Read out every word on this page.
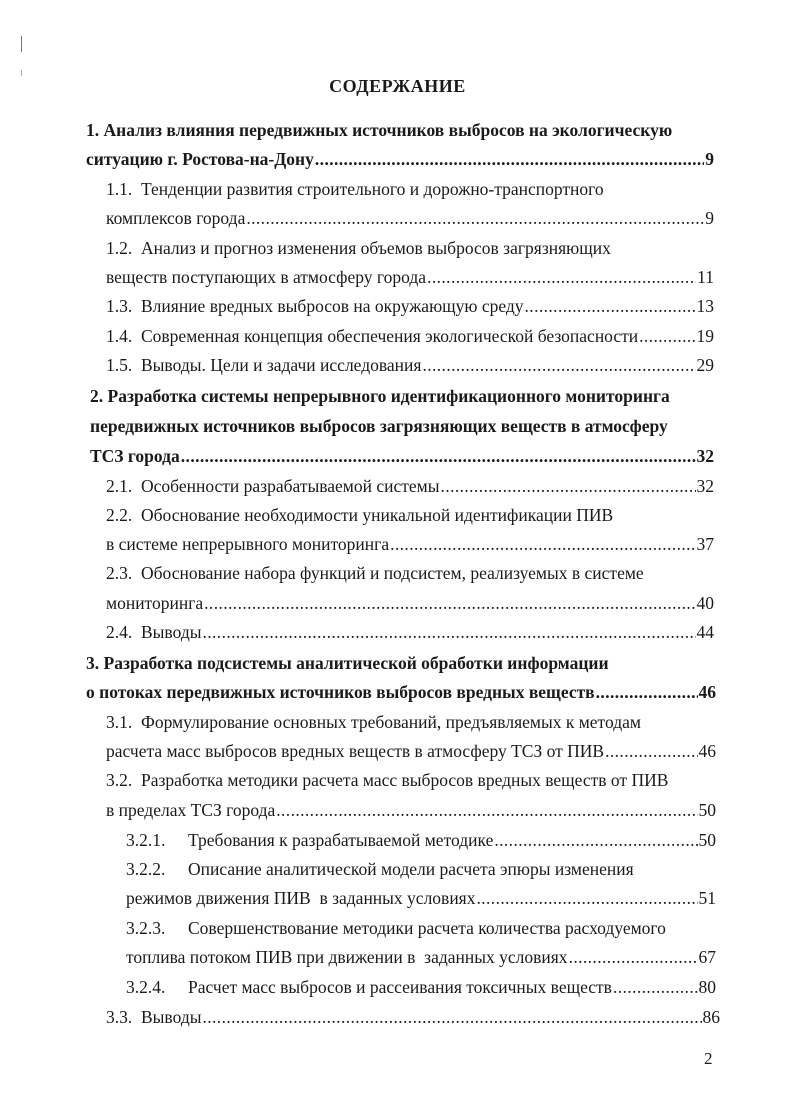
СОДЕРЖАНИЕ
1. Анализ влияния передвижных источников выбросов на экологическую
ситуацию г. Ростова-на-Дону .....	9
1.1. Тенденции развития строительного и дорожно-транспортного
комплексов города .....	9
1.2. Анализ и прогноз изменения объемов выбросов загрязняющих
веществ поступающих в атмосферу города .....	11
1.3. Влияние вредных выбросов на окружающую среду .....	13
1.4. Современная концепция обеспечения экологической безопасности .....	19
1.5. Выводы. Цели и задачи исследования .....	29
2. Разработка системы непрерывного идентификационного мониторинга
передвижных источников выбросов загрязняющих веществ в атмосферу
ТСЗ города .....	32
2.1. Особенности разрабатываемой системы .....	32
2.2. Обоснование необходимости уникальной идентификации ПИВ
в системе непрерывного мониторинга .....	37
2.3. Обоснование набора функций и подсистем, реализуемых в системе
мониторинга .....	40
2.4. Выводы .....	44
3. Разработка подсистемы аналитической обработки информации
о потоках передвижных источников выбросов вредных веществ .....	46
3.1. Формулирование основных требований, предъявляемых к методам
расчета масс выбросов вредных веществ в атмосферу ТСЗ от ПИВ .....	46
3.2. Разработка методики расчета масс выбросов вредных веществ от ПИВ
в пределах ТСЗ города .....	50
3.2.1. Требования к разрабатываемой методике .....	50
3.2.2. Описание аналитической модели расчета эпюры изменения
режимов движения ПИВ  в заданных условиях .....	51
3.2.3. Совершенствование методики расчета количества расходуемого
топлива потоком ПИВ при движении в  заданных условиях .....	67
3.2.4. Расчет масс выбросов и рассеивания токсичных веществ .....	80
3.3. Выводы .....	86
2
